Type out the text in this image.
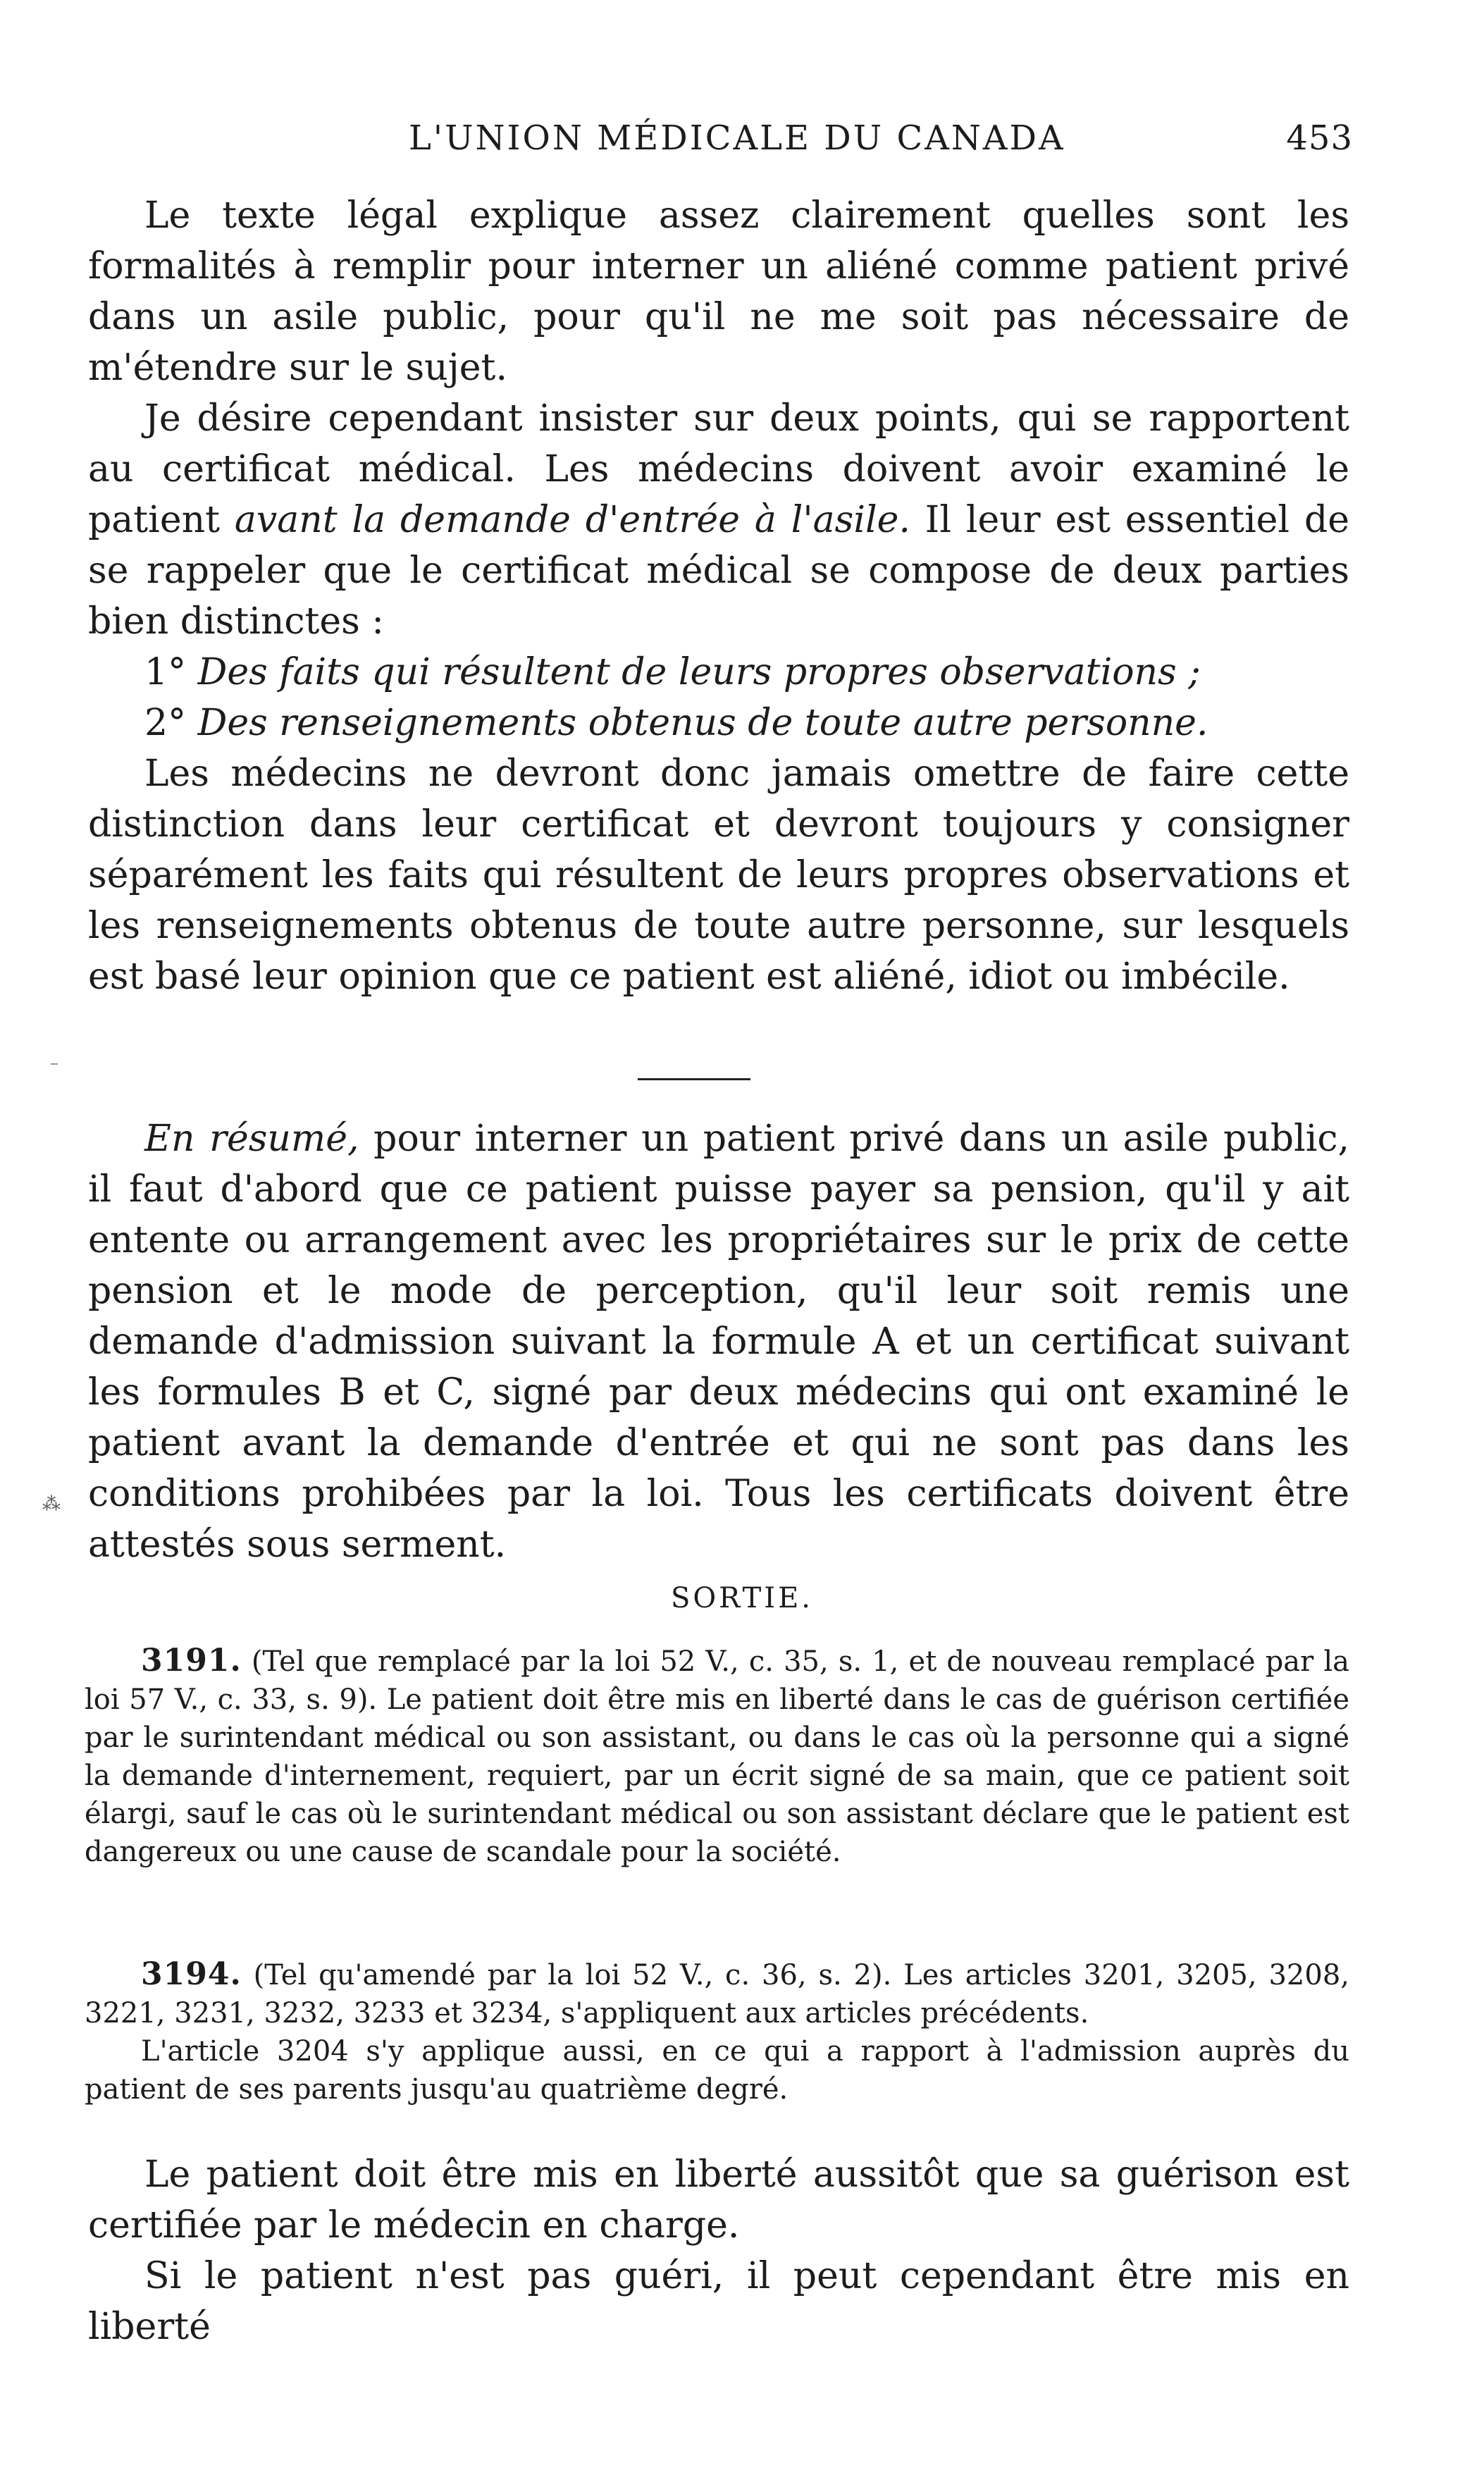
L'UNION MÉDICALE DU CANADA	453

Le texte légal explique assez clairement quelles sont les formalités à remplir pour interner un aliéné comme patient privé dans un asile public, pour qu'il ne me soit pas nécessaire de m'étendre sur le sujet.

Je désire cependant insister sur deux points, qui se rapportent au certificat médical. Les médecins doivent avoir examiné le patient avant la demande d'entrée à l'asile. Il leur est essentiel de se rappeler que le certificat médical se compose de deux parties bien distinctes :

1° Des faits qui résultent de leurs propres observations ;

2° Des renseignements obtenus de toute autre personne.

Les médecins ne devront donc jamais omettre de faire cette distinction dans leur certificat et devront toujours y consigner séparément les faits qui résultent de leurs propres observations et les renseignements obtenus de toute autre personne, sur lesquels est basé leur opinion que ce patient est aliéné, idiot ou imbécile.

En résumé, pour interner un patient privé dans un asile public, il faut d'abord que ce patient puisse payer sa pension, qu'il y ait entente ou arrangement avec les propriétaires sur le prix de cette pension et le mode de perception, qu'il leur soit remis une demande d'admission suivant la formule A et un certificat suivant les formules B et C, signé par deux médecins qui ont examiné le patient avant la demande d'entrée et qui ne sont pas dans les conditions prohibées par la loi. Tous les certificats doivent être attestés sous serment.

SORTIE.

3191. (Tel que remplacé par la loi 52 V., c. 35, s. 1, et de nouveau remplacé par la loi 57 V., c. 33, s. 9). Le patient doit être mis en liberté dans le cas de guérison certifiée par le surintendant médical ou son assistant, ou dans le cas où la personne qui a signé la demande d'internement, requiert, par un écrit signé de sa main, que ce patient soit élargi, sauf le cas où le surintendant médical ou son assistant déclare que le patient est dangereux ou une cause de scandale pour la société.

3194. (Tel qu'amendé par la loi 52 V., c. 36, s. 2). Les articles 3201, 3205, 3208, 3221, 3231, 3232, 3233 et 3234, s'appliquent aux articles précédents.

L'article 3204 s'y applique aussi, en ce qui a rapport à l'admission auprès du patient de ses parents jusqu'au quatrième degré.

Le patient doit être mis en liberté aussitôt que sa guérison est certifiée par le médecin en charge.

Si le patient n'est pas guéri, il peut cependant être mis en liberté

⁻
⁂
